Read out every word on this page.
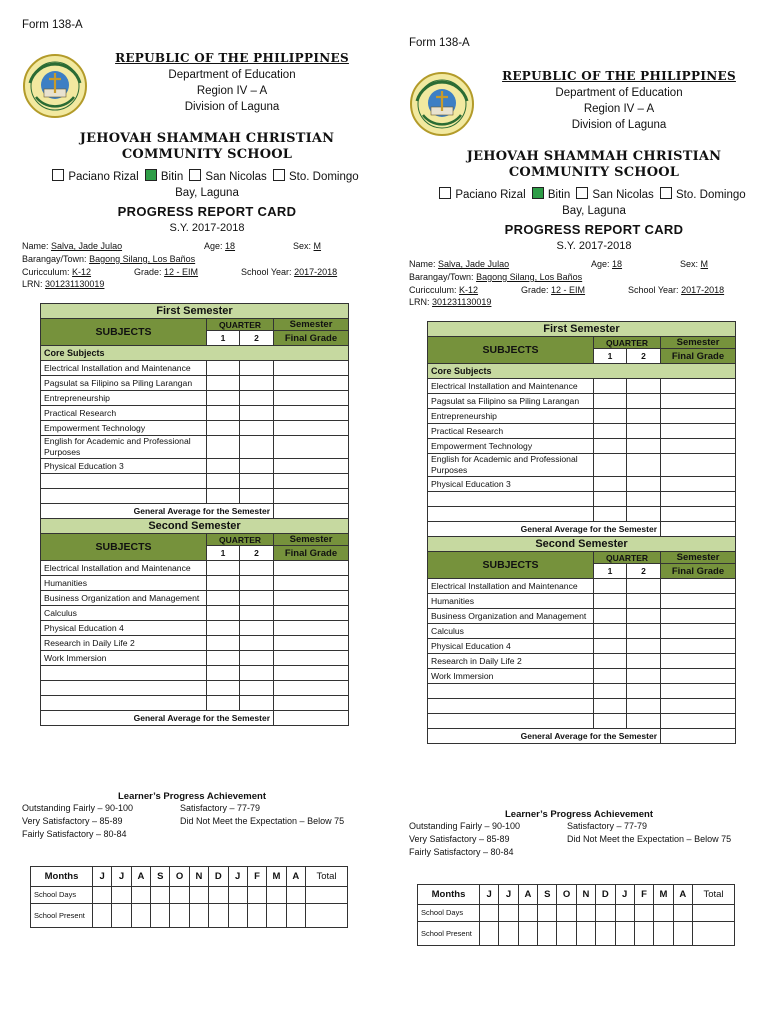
Form 138-A
REPUBLIC OF THE PHILIPPINES
Department of Education
Region IV – A
Division of Laguna
JEHOVAH SHAMMAH CHRISTIAN
COMMUNITY SCHOOL
Paciano Rizal Bitin San Nicolas Sto. Domingo
Bay, Laguna
PROGRESS REPORT CARD
S.Y. 2017-2018
Name: Salva, Jade Julao	Age: 18	Sex: M
Barangay/Town: Bagong Silang, Los Baños
Curicculum: K-12	Grade: 12 - EIM	School Year: 2017-2018
LRN: 301231130019
First Semester			
SUBJECTS	QUARTER		Semester
	1	2	Final Grade
Core Subjects			
Electrical Installation and Maintenance			
Pagsulat sa Filipino sa Piling Larangan			
Entrepreneurship			
Practical Research			
Empowerment Technology			
English for Academic and Professional Purposes			
Physical Education 3			

General Average for the Semester			
Second Semester			
SUBJECTS	QUARTER		Semester
	1	2	Final Grade
Electrical Installation and Maintenance			
Humanities			
Business Organization and Management			
Calculus			
Physical Education 4			
Research in Daily Life 2			
Work Immersion			

General Average for the Semester			
Learner’s Progress Achievement
Outstanding Fairly – 90-100	Satisfactory – 77-79
Very Satisfactory – 85-89	Did Not Meet the Expectation – Below 75
Fairly Satisfactory – 80-84
Months	J	J	A	S	O	N	D	J	F	M	A	Total
School Days												
School Present												
Form 138-A
REPUBLIC OF THE PHILIPPINES
Department of Education
Region IV – A
Division of Laguna
JEHOVAH SHAMMAH CHRISTIAN
COMMUNITY SCHOOL
Paciano Rizal Bitin San Nicolas Sto. Domingo
Bay, Laguna
PROGRESS REPORT CARD
S.Y. 2017-2018
Name: Salva, Jade Julao	Age: 18	Sex: M
Barangay/Town: Bagong Silang, Los Baños
Curicculum: K-12	Grade: 12 - EIM	School Year: 2017-2018
LRN: 301231130019
First Semester			
SUBJECTS	QUARTER		Semester
	1	2	Final Grade
Core Subjects			
Electrical Installation and Maintenance			
Pagsulat sa Filipino sa Piling Larangan			
Entrepreneurship			
Practical Research			
Empowerment Technology			
English for Academic and Professional Purposes			
Physical Education 3			

General Average for the Semester			
Second Semester			
SUBJECTS	QUARTER		Semester
	1	2	Final Grade
Electrical Installation and Maintenance			
Humanities			
Business Organization and Management			
Calculus			
Physical Education 4			
Research in Daily Life 2			
Work Immersion			

General Average for the Semester			
Learner’s Progress Achievement
Outstanding Fairly – 90-100	Satisfactory – 77-79
Very Satisfactory – 85-89	Did Not Meet the Expectation – Below 75
Fairly Satisfactory – 80-84
Months	J	J	A	S	O	N	D	J	F	M	A	Total
School Days												
School Present												
